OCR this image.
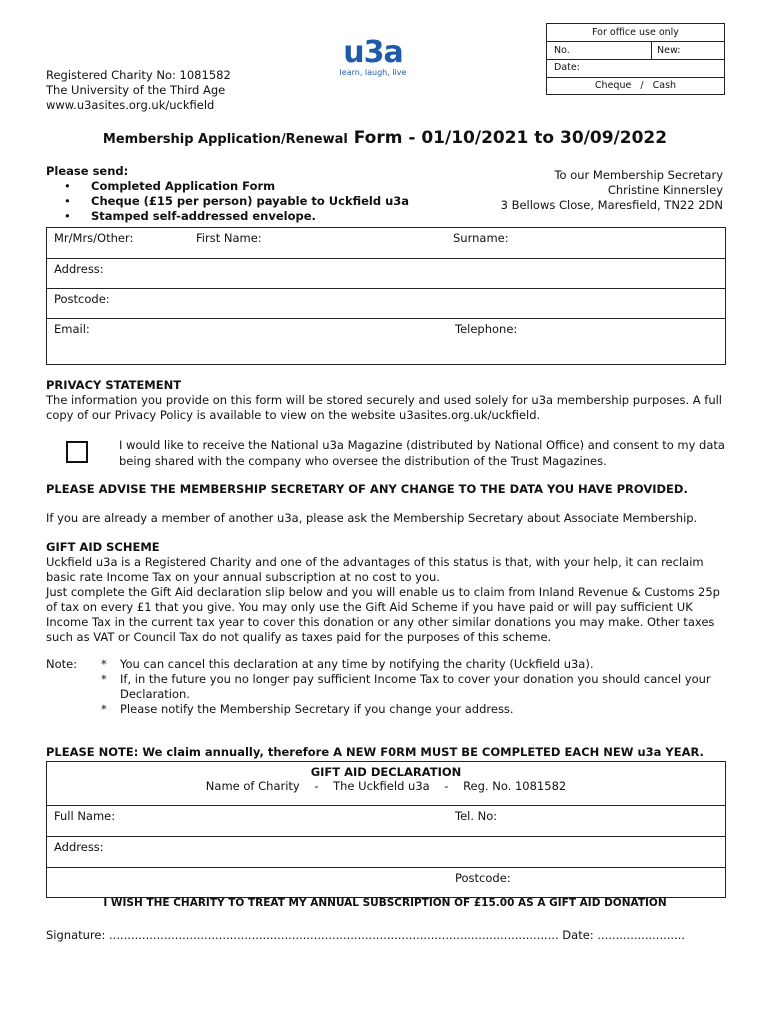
For office use only
No.	New:
Date:
Cheque   /   Cash
u3a
learn, laugh, live
Registered Charity No: 1081582
The University of the Third Age
www.u3asites.org.uk/uckfield
Membership Application/Renewal Form - 01/10/2021 to 30/09/2022
Please send:
• Completed Application Form
• Cheque (£15 per person) payable to Uckfield u3a
• Stamped self-addressed envelope.
To our Membership Secretary
Christine Kinnersley
3 Bellows Close, Maresfield, TN22 2DN
Mr/Mrs/Other:	First Name:	Surname:
Address:
Postcode:
Email:	Telephone:
PRIVACY STATEMENT

The information you provide on this form will be stored securely and used solely for u3a membership purposes. A full copy of our Privacy Policy is available to view on the website u3asites.org.uk/uckfield.

I would like to receive the National u3a Magazine (distributed by National Office) and consent to my data being shared with the company who oversee the distribution of the Trust Magazines.
PLEASE ADVISE THE MEMBERSHIP SECRETARY OF ANY CHANGE TO THE DATA YOU HAVE PROVIDED.
If you are already a member of another u3a, please ask the Membership Secretary about Associate Membership.
GIFT AID SCHEME

Uckfield u3a is a Registered Charity and one of the advantages of this status is that, with your help, it can reclaim basic rate Income Tax on your annual subscription at no cost to you.

Just complete the Gift Aid declaration slip below and you will enable us to claim from Inland Revenue & Customs 25p of tax on every £1 that you give. You may only use the Gift Aid Scheme if you have paid or will pay sufficient UK Income Tax in the current tax year to cover this donation or any other similar donations you may make. Other taxes such as VAT or Council Tax do not qualify as taxes paid for the purposes of this scheme.

Note: * You can cancel this declaration at any time by notifying the charity (Uckfield u3a).
* If, in the future you no longer pay sufficient Income Tax to cover your donation you should cancel your Declaration.
* Please notify the Membership Secretary if you change your address.
PLEASE NOTE: We claim annually, therefore A NEW F0RM MUST BE COMPLETED EACH NEW u3a YEAR.
GIFT AID DECLARATION
Name of Charity    -    The Uckfield u3a    -    Reg. No. 1081582
Full Name:	Tel. No:
Address:
Postcode:
I WISH THE CHARITY TO TREAT MY ANNUAL SUBSCRIPTION OF £15.00 AS A GIFT AID DONATION
Signature: ........................................................................................................................... Date: ........................
